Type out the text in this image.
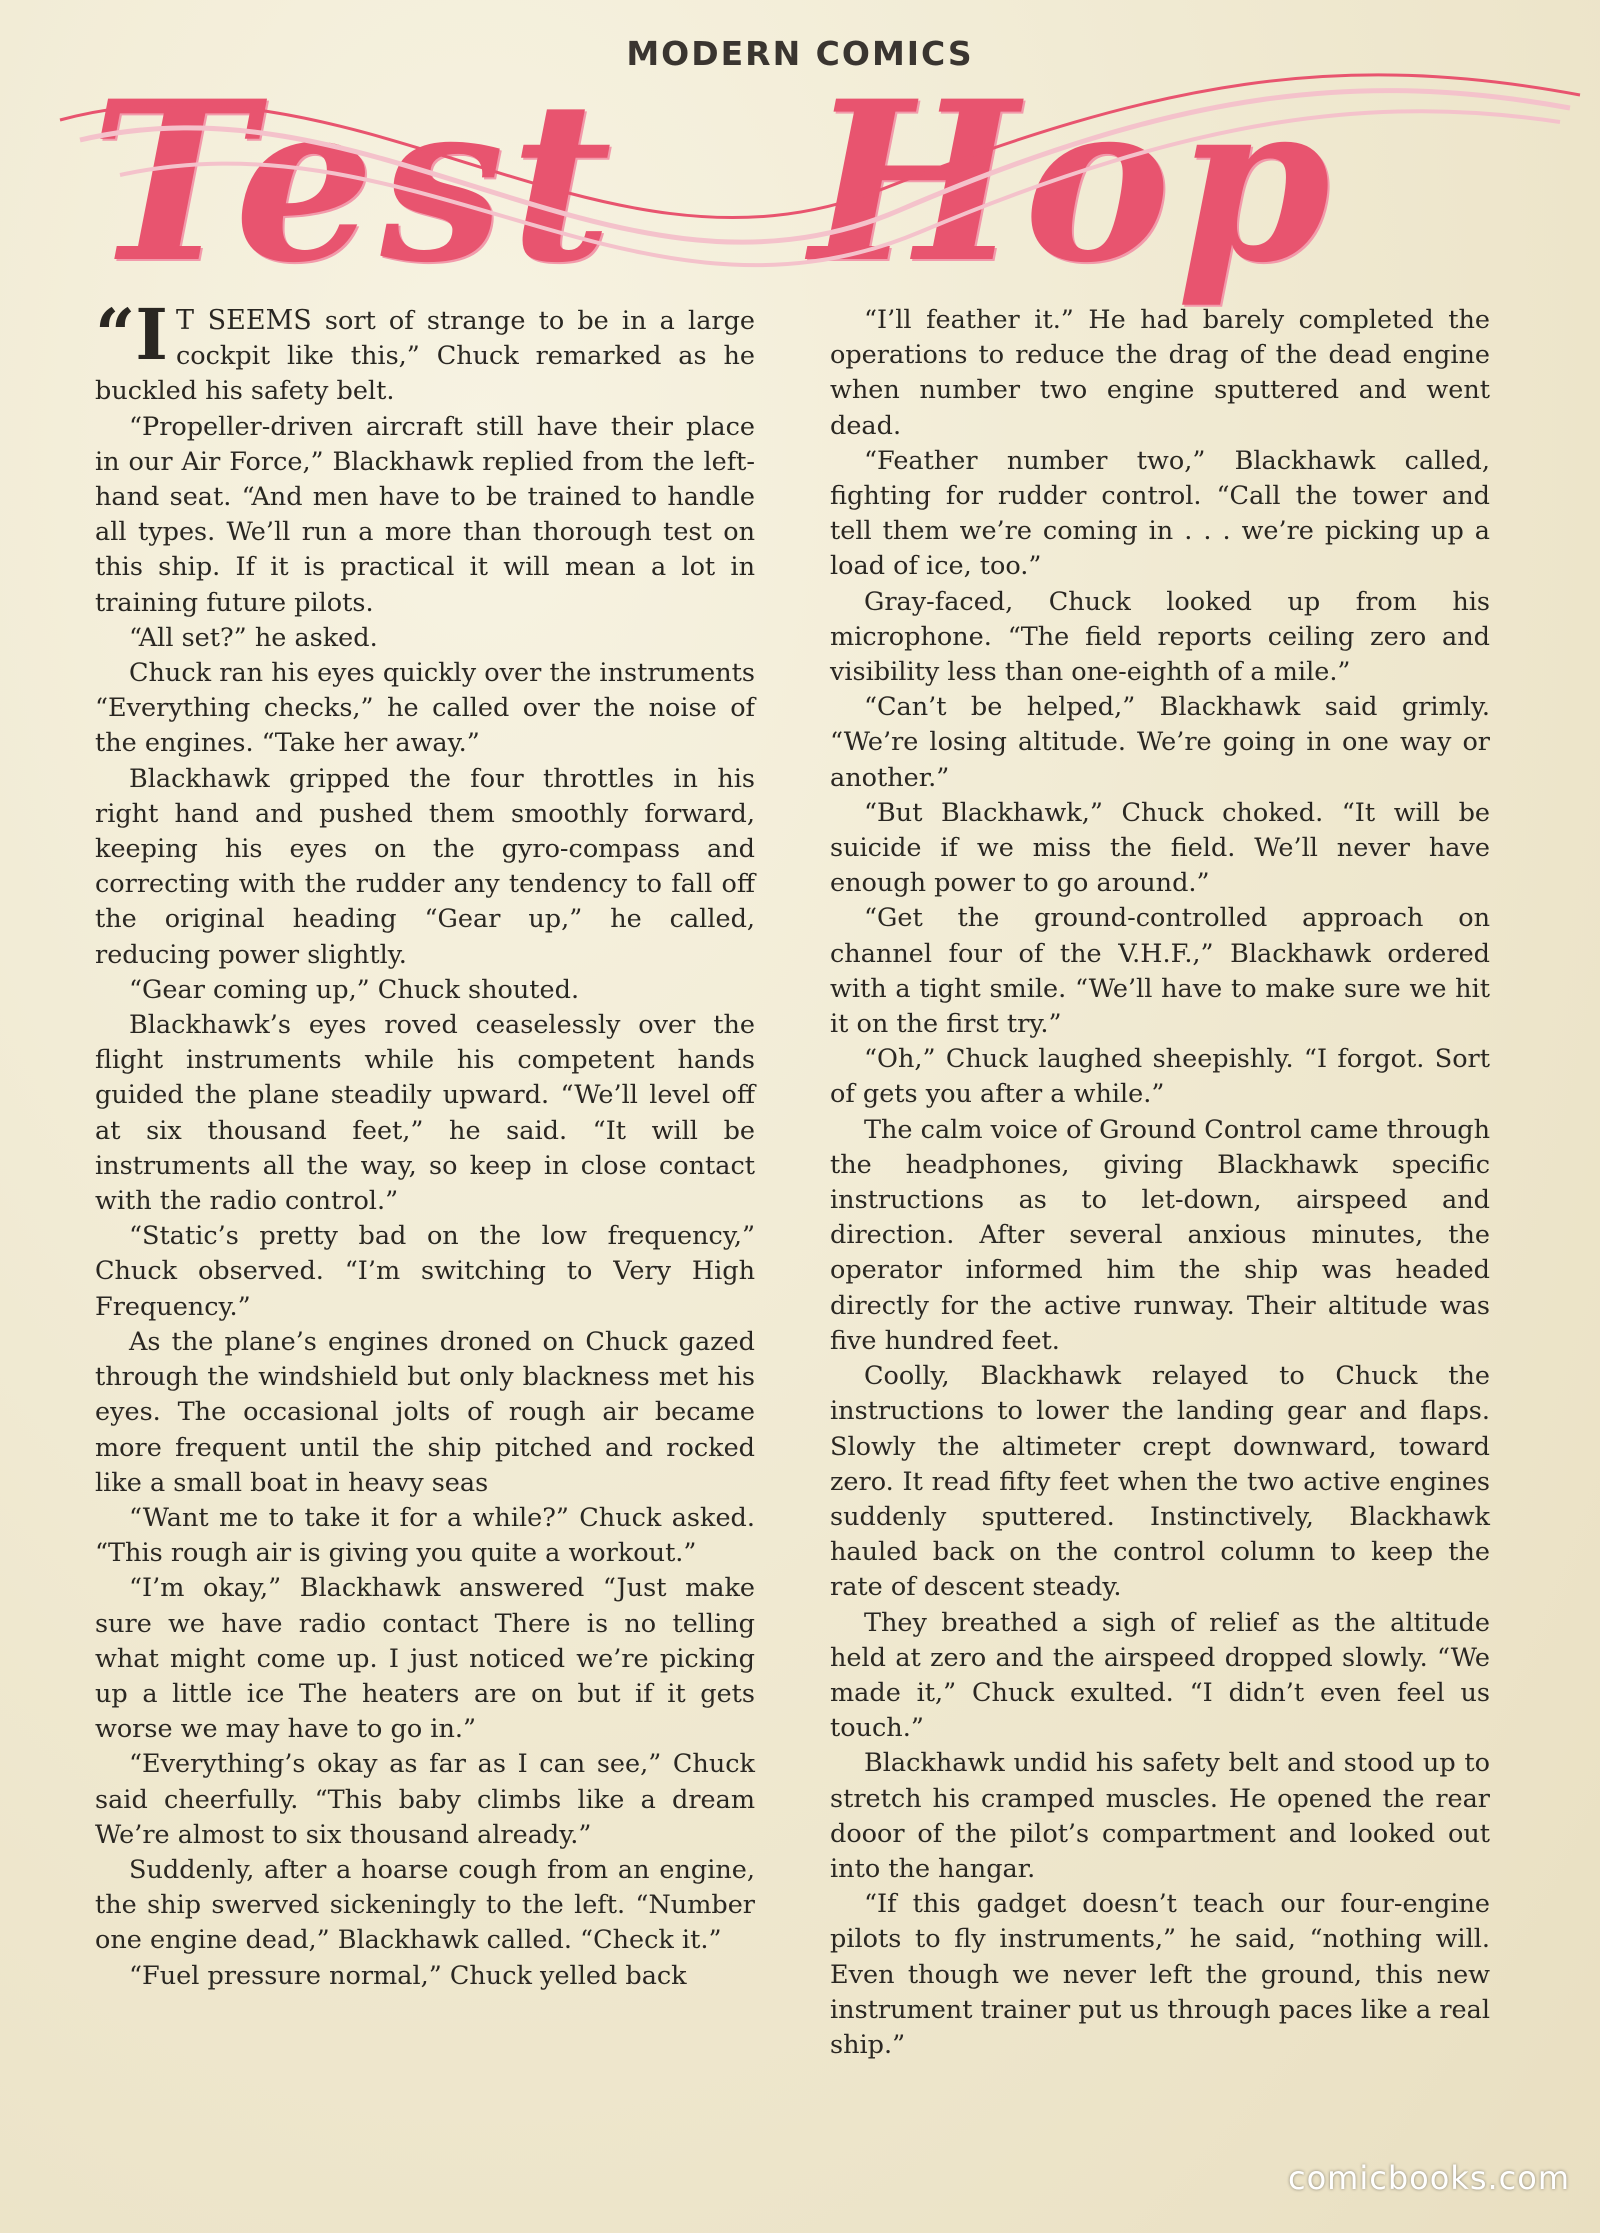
MODERN COMICS
Test Hop

“I T SEEMS sort of strange to be in a large cockpit like this,” Chuck remarked as he buckled his safety belt.

“Propeller-driven aircraft still have their place in our Air Force,” Blackhawk replied from the left-hand seat. “And men have to be trained to handle all types. We’ll run a more than thorough test on this ship. If it is practical it will mean a lot in training future pilots.

“All set?” he asked.

Chuck ran his eyes quickly over the instruments “Everything checks,” he called over the noise of the engines. “Take her away.”

Blackhawk gripped the four throttles in his right hand and pushed them smoothly forward, keeping his eyes on the gyro-compass and correcting with the rudder any tendency to fall off the original heading “Gear up,” he called, reducing power slightly.

“Gear coming up,” Chuck shouted.

Blackhawk’s eyes roved ceaselessly over the flight instruments while his competent hands guided the plane steadily upward. “We’ll level off at six thousand feet,” he said. “It will be instruments all the way, so keep in close contact with the radio control.”

“Static’s pretty bad on the low frequency,” Chuck observed. “I’m switching to Very High Frequency.”

As the plane’s engines droned on Chuck gazed through the windshield but only blackness met his eyes. The occasional jolts of rough air became more frequent until the ship pitched and rocked like a small boat in heavy seas

“Want me to take it for a while?” Chuck asked. “This rough air is giving you quite a workout.”

“I’m okay,” Blackhawk answered “Just make sure we have radio contact There is no telling what might come up. I just noticed we’re picking up a little ice The heaters are on but if it gets worse we may have to go in.”

“Everything’s okay as far as I can see,” Chuck said cheerfully. “This baby climbs like a dream We’re almost to six thousand already.”

Suddenly, after a hoarse cough from an engine, the ship swerved sickeningly to the left. “Number one engine dead,” Blackhawk called. “Check it.”

“Fuel pressure normal,” Chuck yelled back

“I’ll feather it.” He had barely completed the operations to reduce the drag of the dead engine when number two engine sputtered and went dead.

“Feather number two,” Blackhawk called, fighting for rudder control. “Call the tower and tell them we’re coming in . . . we’re picking up a load of ice, too.”

Gray-faced, Chuck looked up from his microphone. “The field reports ceiling zero and visibility less than one-eighth of a mile.”

“Can’t be helped,” Blackhawk said grimly. “We’re losing altitude. We’re going in one way or another.”

“But Blackhawk,” Chuck choked. “It will be suicide if we miss the field. We’ll never have enough power to go around.”

“Get the ground-controlled approach on channel four of the V.H.F.,” Blackhawk ordered with a tight smile. “We’ll have to make sure we hit it on the first try.”

“Oh,” Chuck laughed sheepishly. “I forgot. Sort of gets you after a while.”

The calm voice of Ground Control came through the headphones, giving Blackhawk specific instructions as to let-down, airspeed and direction. After several anxious minutes, the operator informed him the ship was headed directly for the active runway. Their altitude was five hundred feet.

Coolly, Blackhawk relayed to Chuck the instructions to lower the landing gear and flaps. Slowly the altimeter crept downward, toward zero. It read fifty feet when the two active engines suddenly sputtered. Instinctively, Blackhawk hauled back on the control column to keep the rate of descent steady.

They breathed a sigh of relief as the altitude held at zero and the airspeed dropped slowly. “We made it,” Chuck exulted. “I didn’t even feel us touch.”

Blackhawk undid his safety belt and stood up to stretch his cramped muscles. He opened the rear dooor of the pilot’s compartment and looked out into the hangar.

“If this gadget doesn’t teach our four-engine pilots to fly instruments,” he said, “nothing will. Even though we never left the ground, this new instrument trainer put us through paces like a real ship.”

comicbooks.com
